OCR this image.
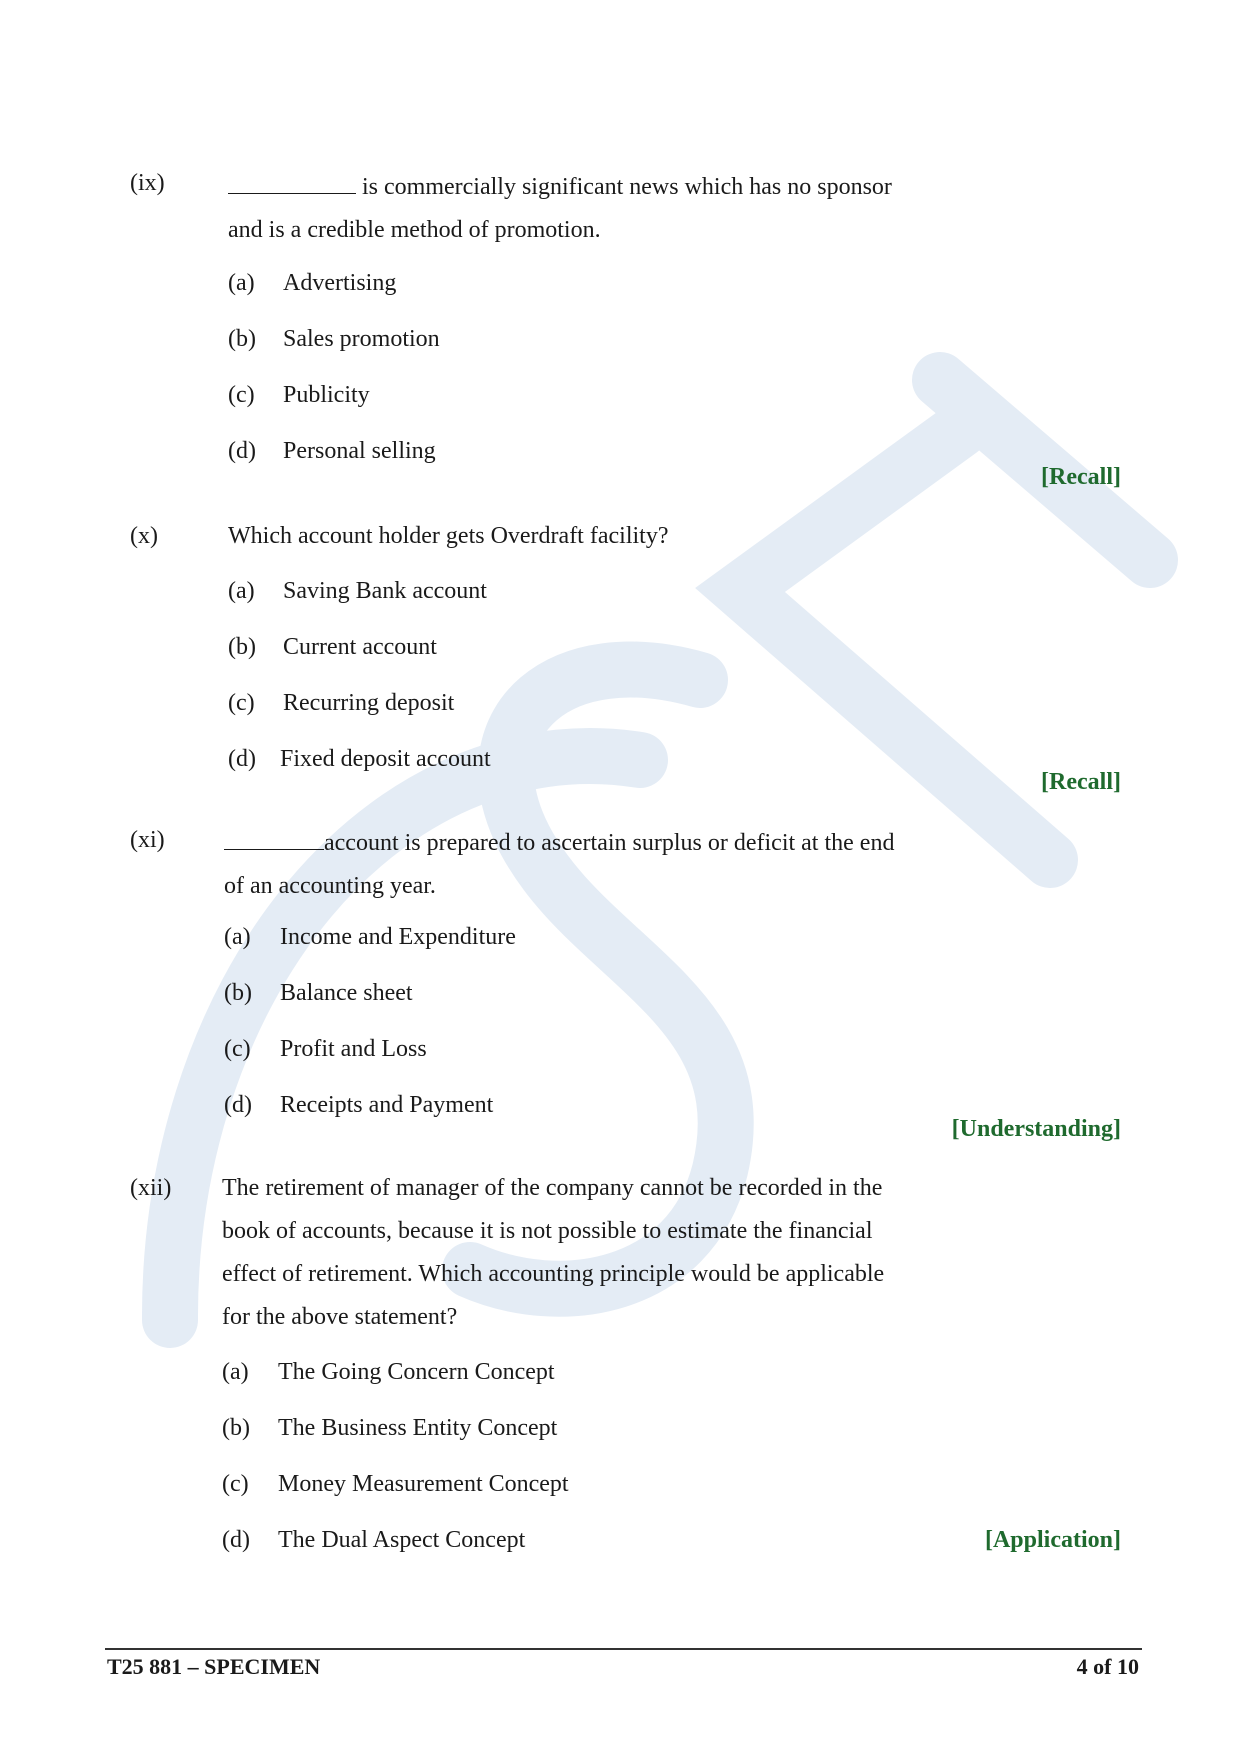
(ix)	is commercially significant news which has no sponsor
and is a credible method of promotion.
(a) Advertising
(b) Sales promotion
(c) Publicity
(d) Personal selling
[Recall]
(x)	Which account holder gets Overdraft facility?
(a) Saving Bank account
(b) Current account
(c) Recurring deposit
(d) Fixed deposit account
[Recall]
(xi)	account is prepared to ascertain surplus or deficit at the end
of an accounting year.
(a) Income and Expenditure
(b) Balance sheet
(c) Profit and Loss
(d) Receipts and Payment
[Understanding]
(xii) The retirement of manager of the company cannot be recorded in the
book of accounts, because it is not possible to estimate the financial
effect of retirement. Which accounting principle would be applicable
for the above statement?
(a) The Going Concern Concept
(b) The Business Entity Concept
(c) Money Measurement Concept
(d) The Dual Aspect Concept	[Application]
T25 881 – SPECIMEN	4 of 10
